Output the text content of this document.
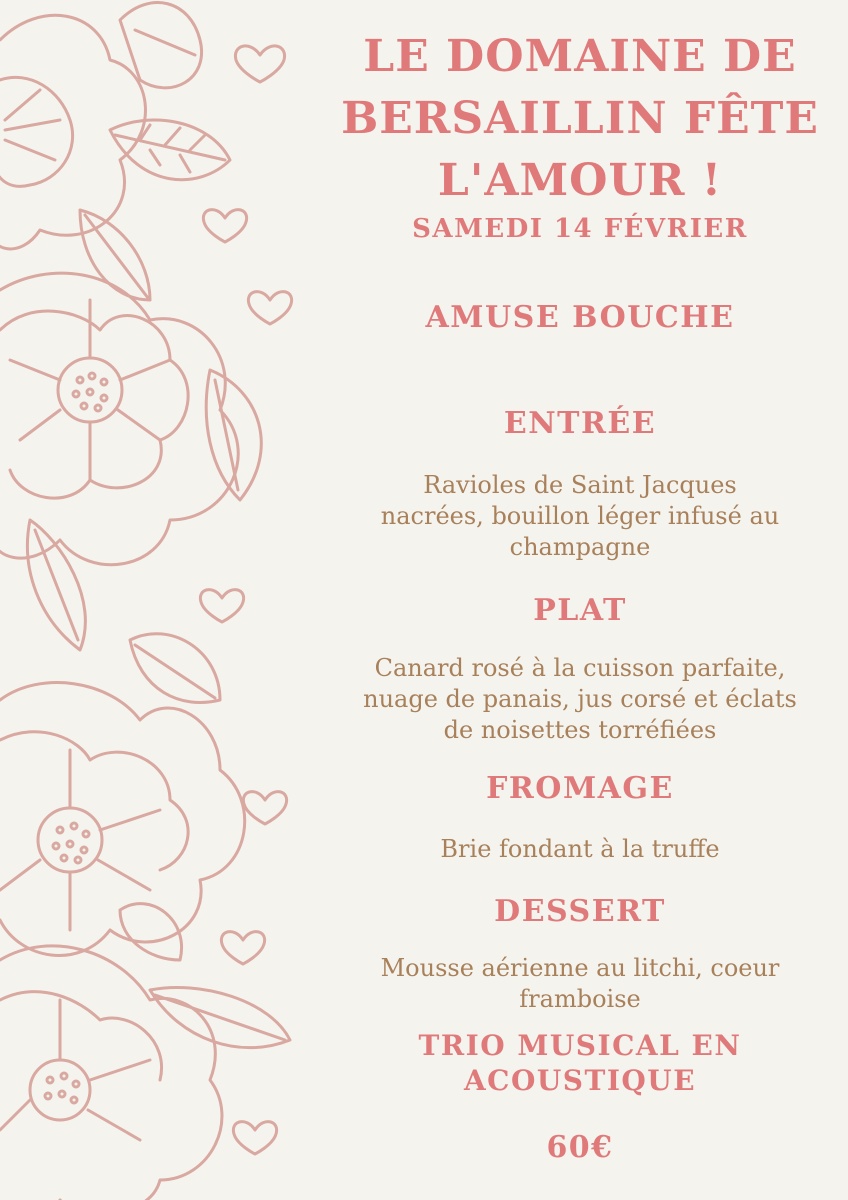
LE DOMAINE DE
BERSAILLIN FÊTE
L'AMOUR !
SAMEDI 14 FÉVRIER
AMUSE BOUCHE
ENTRÉE
Ravioles de Saint Jacques
nacrées, bouillon léger infusé au
champagne
PLAT
Canard rosé à la cuisson parfaite,
nuage de panais, jus corsé et éclats
de noisettes torréfiées
FROMAGE
Brie fondant à la truffe
DESSERT
Mousse aérienne au litchi, coeur
framboise
TRIO MUSICAL EN
ACOUSTIQUE
60€
